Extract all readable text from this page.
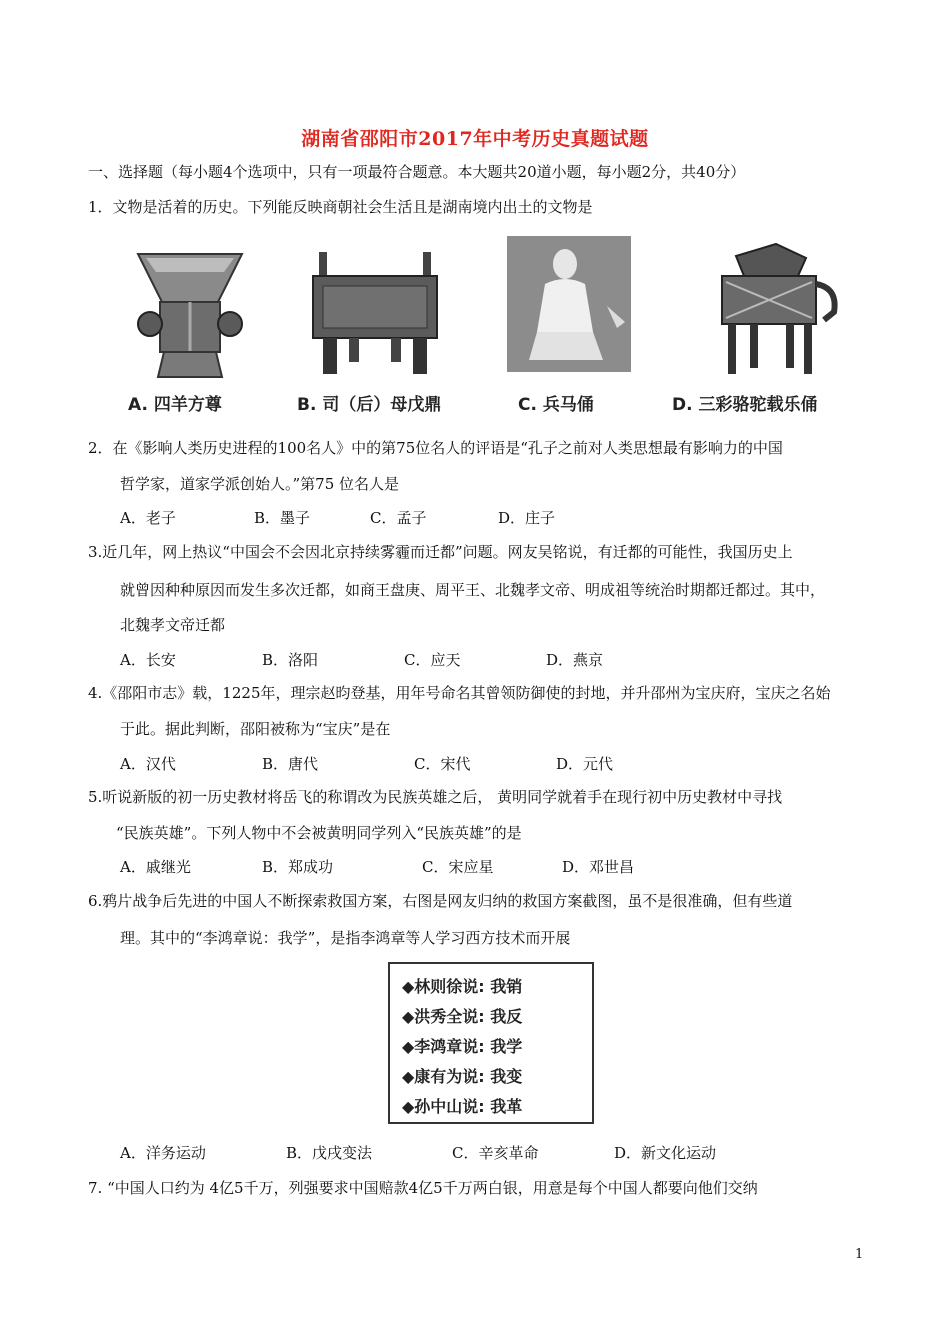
湖南省邵阳市2017年中考历史真题试题
一、选择题（每小题4个选项中，只有一项最符合题意。本大题共20道小题，每小题2分，共40分）
1．文物是活着的历史。下列能反映商朝社会生活且是湖南境内出土的文物是
A. 四羊方尊	B. 司（后）母戊鼎	C. 兵马俑	D. 三彩骆驼载乐俑
2．在《影响人类历史进程的100名人》中的第75位名人的评语是“孔子之前对人类思想最有影响力的中国
哲学家，道家学派创始人。”第75 位名人是
A．老子	B．墨子	C．孟子	D．庄子
3.近几年，网上热议“中国会不会因北京持续雾霾而迁都”问题。网友吴铭说，有迁都的可能性，我国历史上
就曾因种种原因而发生多次迁都，如商王盘庚、周平王、北魏孝文帝、明成祖等统治时期都迁都过。其中，
北魏孝文帝迁都
A．长安	B．洛阳	C．应天	D．燕京
4.《邵阳市志》载，1225年，理宗赵昀登基，用年号命名其曾领防御使的封地，并升邵州为宝庆府，宝庆之名始
于此。据此判断，邵阳被称为“宝庆”是在
A．汉代	B．唐代	C．宋代	D．元代
5.听说新版的初一历史教材将岳飞的称谓改为民族英雄之后， 黄明同学就着手在现行初中历史教材中寻找
“民族英雄”。下列人物中不会被黄明同学列入“民族英雄”的是
A．戚继光	B．郑成功	C．宋应星	D．邓世昌
6.鸦片战争后先进的中国人不断探索救国方案，右图是网友归纳的救国方案截图，虽不是很准确，但有些道
理。其中的“李鸿章说：我学”，是指李鸿章等人学习西方技术而开展
◆林则徐说: 我销
◆洪秀全说: 我反
◆李鸿章说: 我学
◆康有为说: 我变
◆孙中山说: 我革
A．洋务运动	B．戊戌变法	C．辛亥革命	D．新文化运动
7. “中国人口约为 4亿5千万，列强要求中国赔款4亿5千万两白银，用意是每个中国人都要向他们交纳
1
